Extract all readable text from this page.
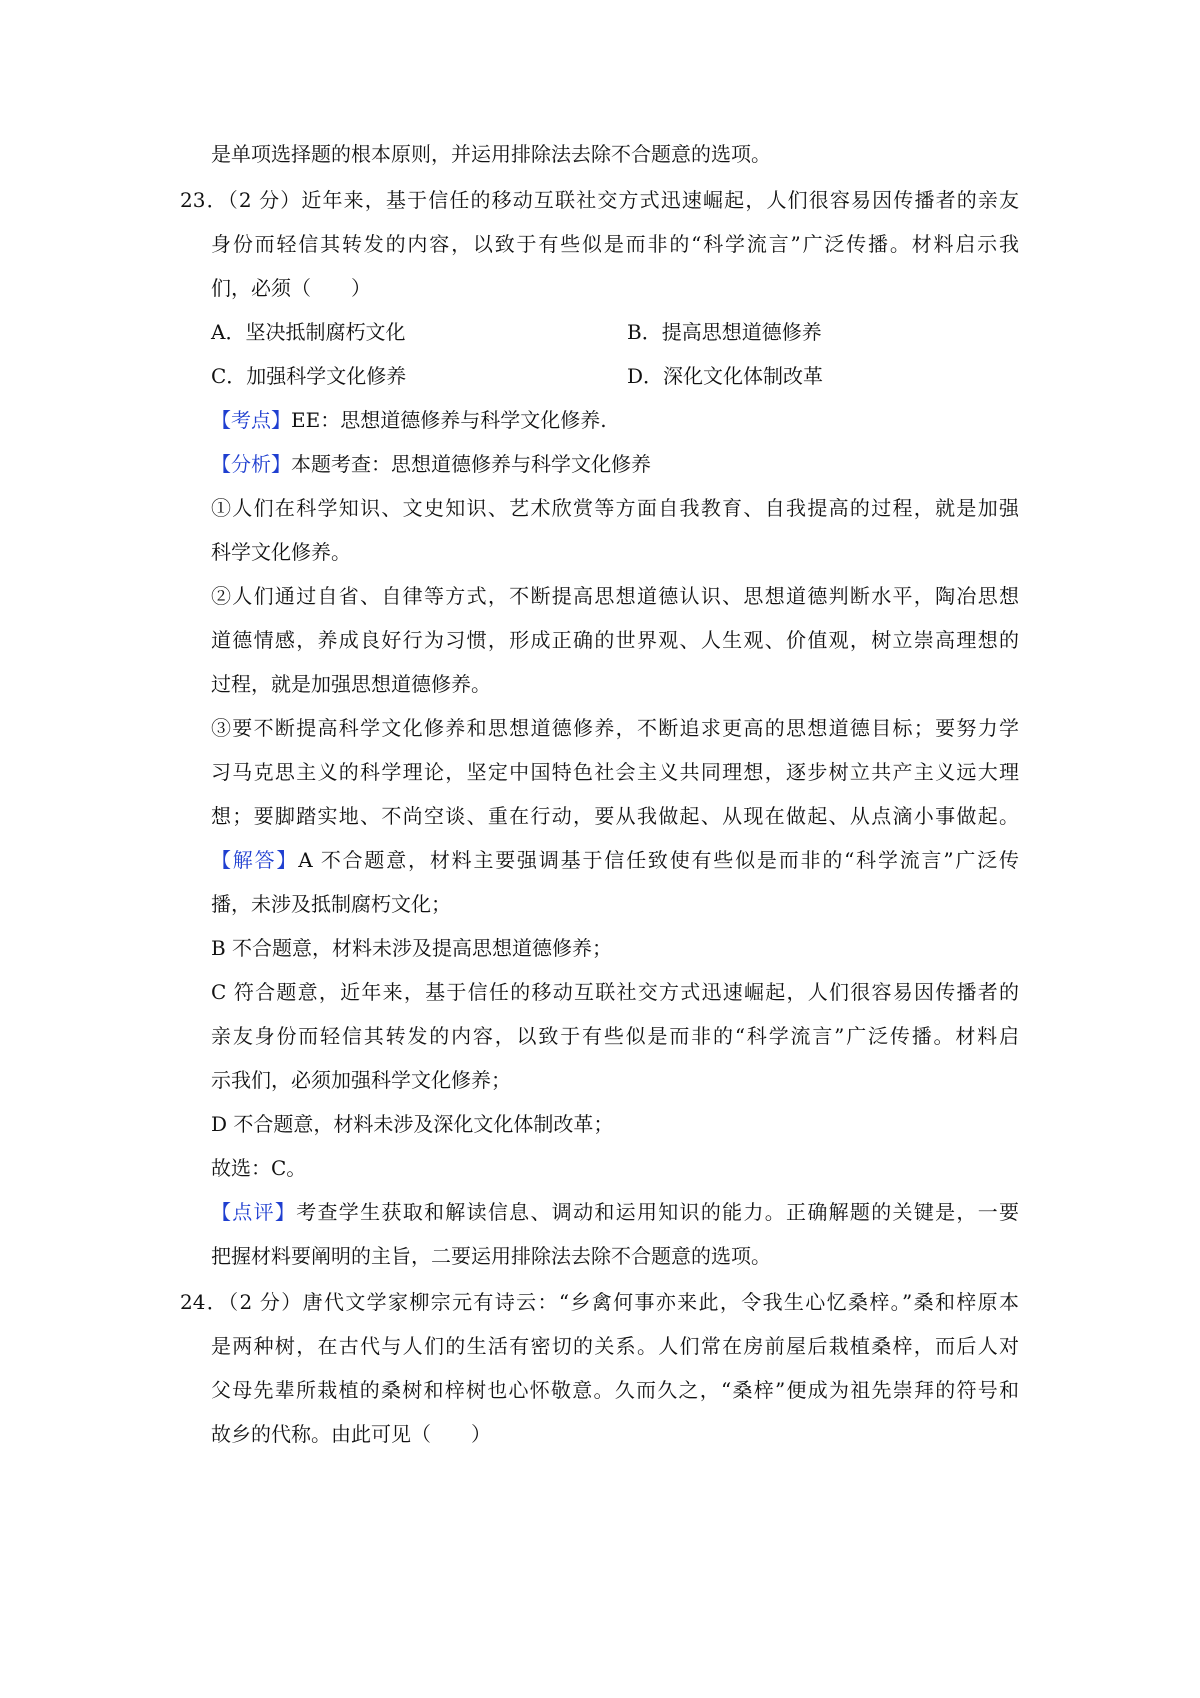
是单项选择题的根本原则，并运用排除法去除不合题意的选项。
23．（2 分）近年来，基于信任的移动互联社交方式迅速崛起，人们很容易因传播者的亲友
身份而轻信其转发的内容，以致于有些似是而非的“科学流言”广泛传播。材料启示我
们，必须（　　）
A．坚决抵制腐朽文化	B．提高思想道德修养
C．加强科学文化修养	D．深化文化体制改革
【考点】EE：思想道德修养与科学文化修养.
【分析】本题考查：思想道德修养与科学文化修养
①人们在科学知识、文史知识、艺术欣赏等方面自我教育、自我提高的过程，就是加强
科学文化修养。
②人们通过自省、自律等方式，不断提高思想道德认识、思想道德判断水平，陶冶思想
道德情感，养成良好行为习惯，形成正确的世界观、人生观、价值观，树立崇高理想的
过程，就是加强思想道德修养。
③要不断提高科学文化修养和思想道德修养，不断追求更高的思想道德目标；要努力学
习马克思主义的科学理论，坚定中国特色社会主义共同理想，逐步树立共产主义远大理
想；要脚踏实地、不尚空谈、重在行动，要从我做起、从现在做起、从点滴小事做起。
【解答】A 不合题意，材料主要强调基于信任致使有些似是而非的“科学流言”广泛传
播，未涉及抵制腐朽文化；
B 不合题意，材料未涉及提高思想道德修养；
C 符合题意，近年来，基于信任的移动互联社交方式迅速崛起，人们很容易因传播者的
亲友身份而轻信其转发的内容，以致于有些似是而非的“科学流言”广泛传播。材料启
示我们，必须加强科学文化修养；
D 不合题意，材料未涉及深化文化体制改革；
故选：C。
【点评】考查学生获取和解读信息、调动和运用知识的能力。正确解题的关键是，一要
把握材料要阐明的主旨，二要运用排除法去除不合题意的选项。
24．（2 分）唐代文学家柳宗元有诗云：“乡禽何事亦来此，令我生心忆桑梓。”桑和梓原本
是两种树，在古代与人们的生活有密切的关系。人们常在房前屋后栽植桑梓，而后人对
父母先辈所栽植的桑树和梓树也心怀敬意。久而久之，“桑梓”便成为祖先崇拜的符号和
故乡的代称。由此可见（　　）
